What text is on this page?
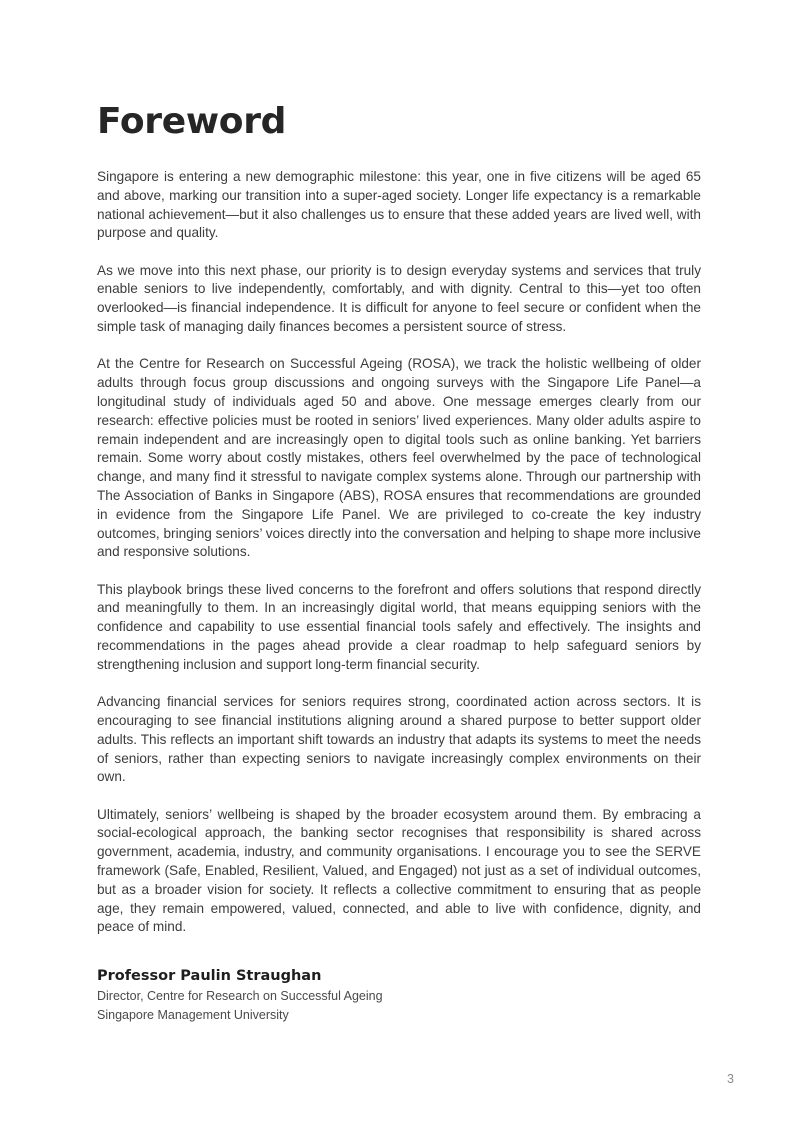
Foreword

Singapore is entering a new demographic milestone: this year, one in five citizens will be aged 65 and above, marking our transition into a super-aged society. Longer life expectancy is a remarkable national achievement—but it also challenges us to ensure that these added years are lived well, with purpose and quality.

As we move into this next phase, our priority is to design everyday systems and services that truly enable seniors to live independently, comfortably, and with dignity. Central to this—yet too often overlooked—is financial independence. It is difficult for anyone to feel secure or confident when the simple task of managing daily finances becomes a persistent source of stress.

At the Centre for Research on Successful Ageing (ROSA), we track the holistic wellbeing of older adults through focus group discussions and ongoing surveys with the Singapore Life Panel—a longitudinal study of individuals aged 50 and above. One message emerges clearly from our research: effective policies must be rooted in seniors’ lived experiences. Many older adults aspire to remain independent and are increasingly open to digital tools such as online banking. Yet barriers remain. Some worry about costly mistakes, others feel overwhelmed by the pace of technological change, and many find it stressful to navigate complex systems alone. Through our partnership with The Association of Banks in Singapore (ABS), ROSA ensures that recommendations are grounded in evidence from the Singapore Life Panel. We are privileged to co-create the key industry outcomes, bringing seniors’ voices directly into the conversation and helping to shape more inclusive and responsive solutions.

This playbook brings these lived concerns to the forefront and offers solutions that respond directly and meaningfully to them. In an increasingly digital world, that means equipping seniors with the confidence and capability to use essential financial tools safely and effectively. The insights and recommendations in the pages ahead provide a clear roadmap to help safeguard seniors by strengthening inclusion and support long-term financial security.

Advancing financial services for seniors requires strong, coordinated action across sectors. It is encouraging to see financial institutions aligning around a shared purpose to better support older adults. This reflects an important shift towards an industry that adapts its systems to meet the needs of seniors, rather than expecting seniors to navigate increasingly complex environments on their own.

Ultimately, seniors’ wellbeing is shaped by the broader ecosystem around them. By embracing a social-ecological approach, the banking sector recognises that responsibility is shared across government, academia, industry, and community organisations. I encourage you to see the SERVE framework (Safe, Enabled, Resilient, Valued, and Engaged) not just as a set of individual outcomes, but as a broader vision for society. It reflects a collective commitment to ensuring that as people age, they remain empowered, valued, connected, and able to live with confidence, dignity, and peace of mind.

Professor Paulin Straughan

Director, Centre for Research on Successful Ageing

Singapore Management University

3
